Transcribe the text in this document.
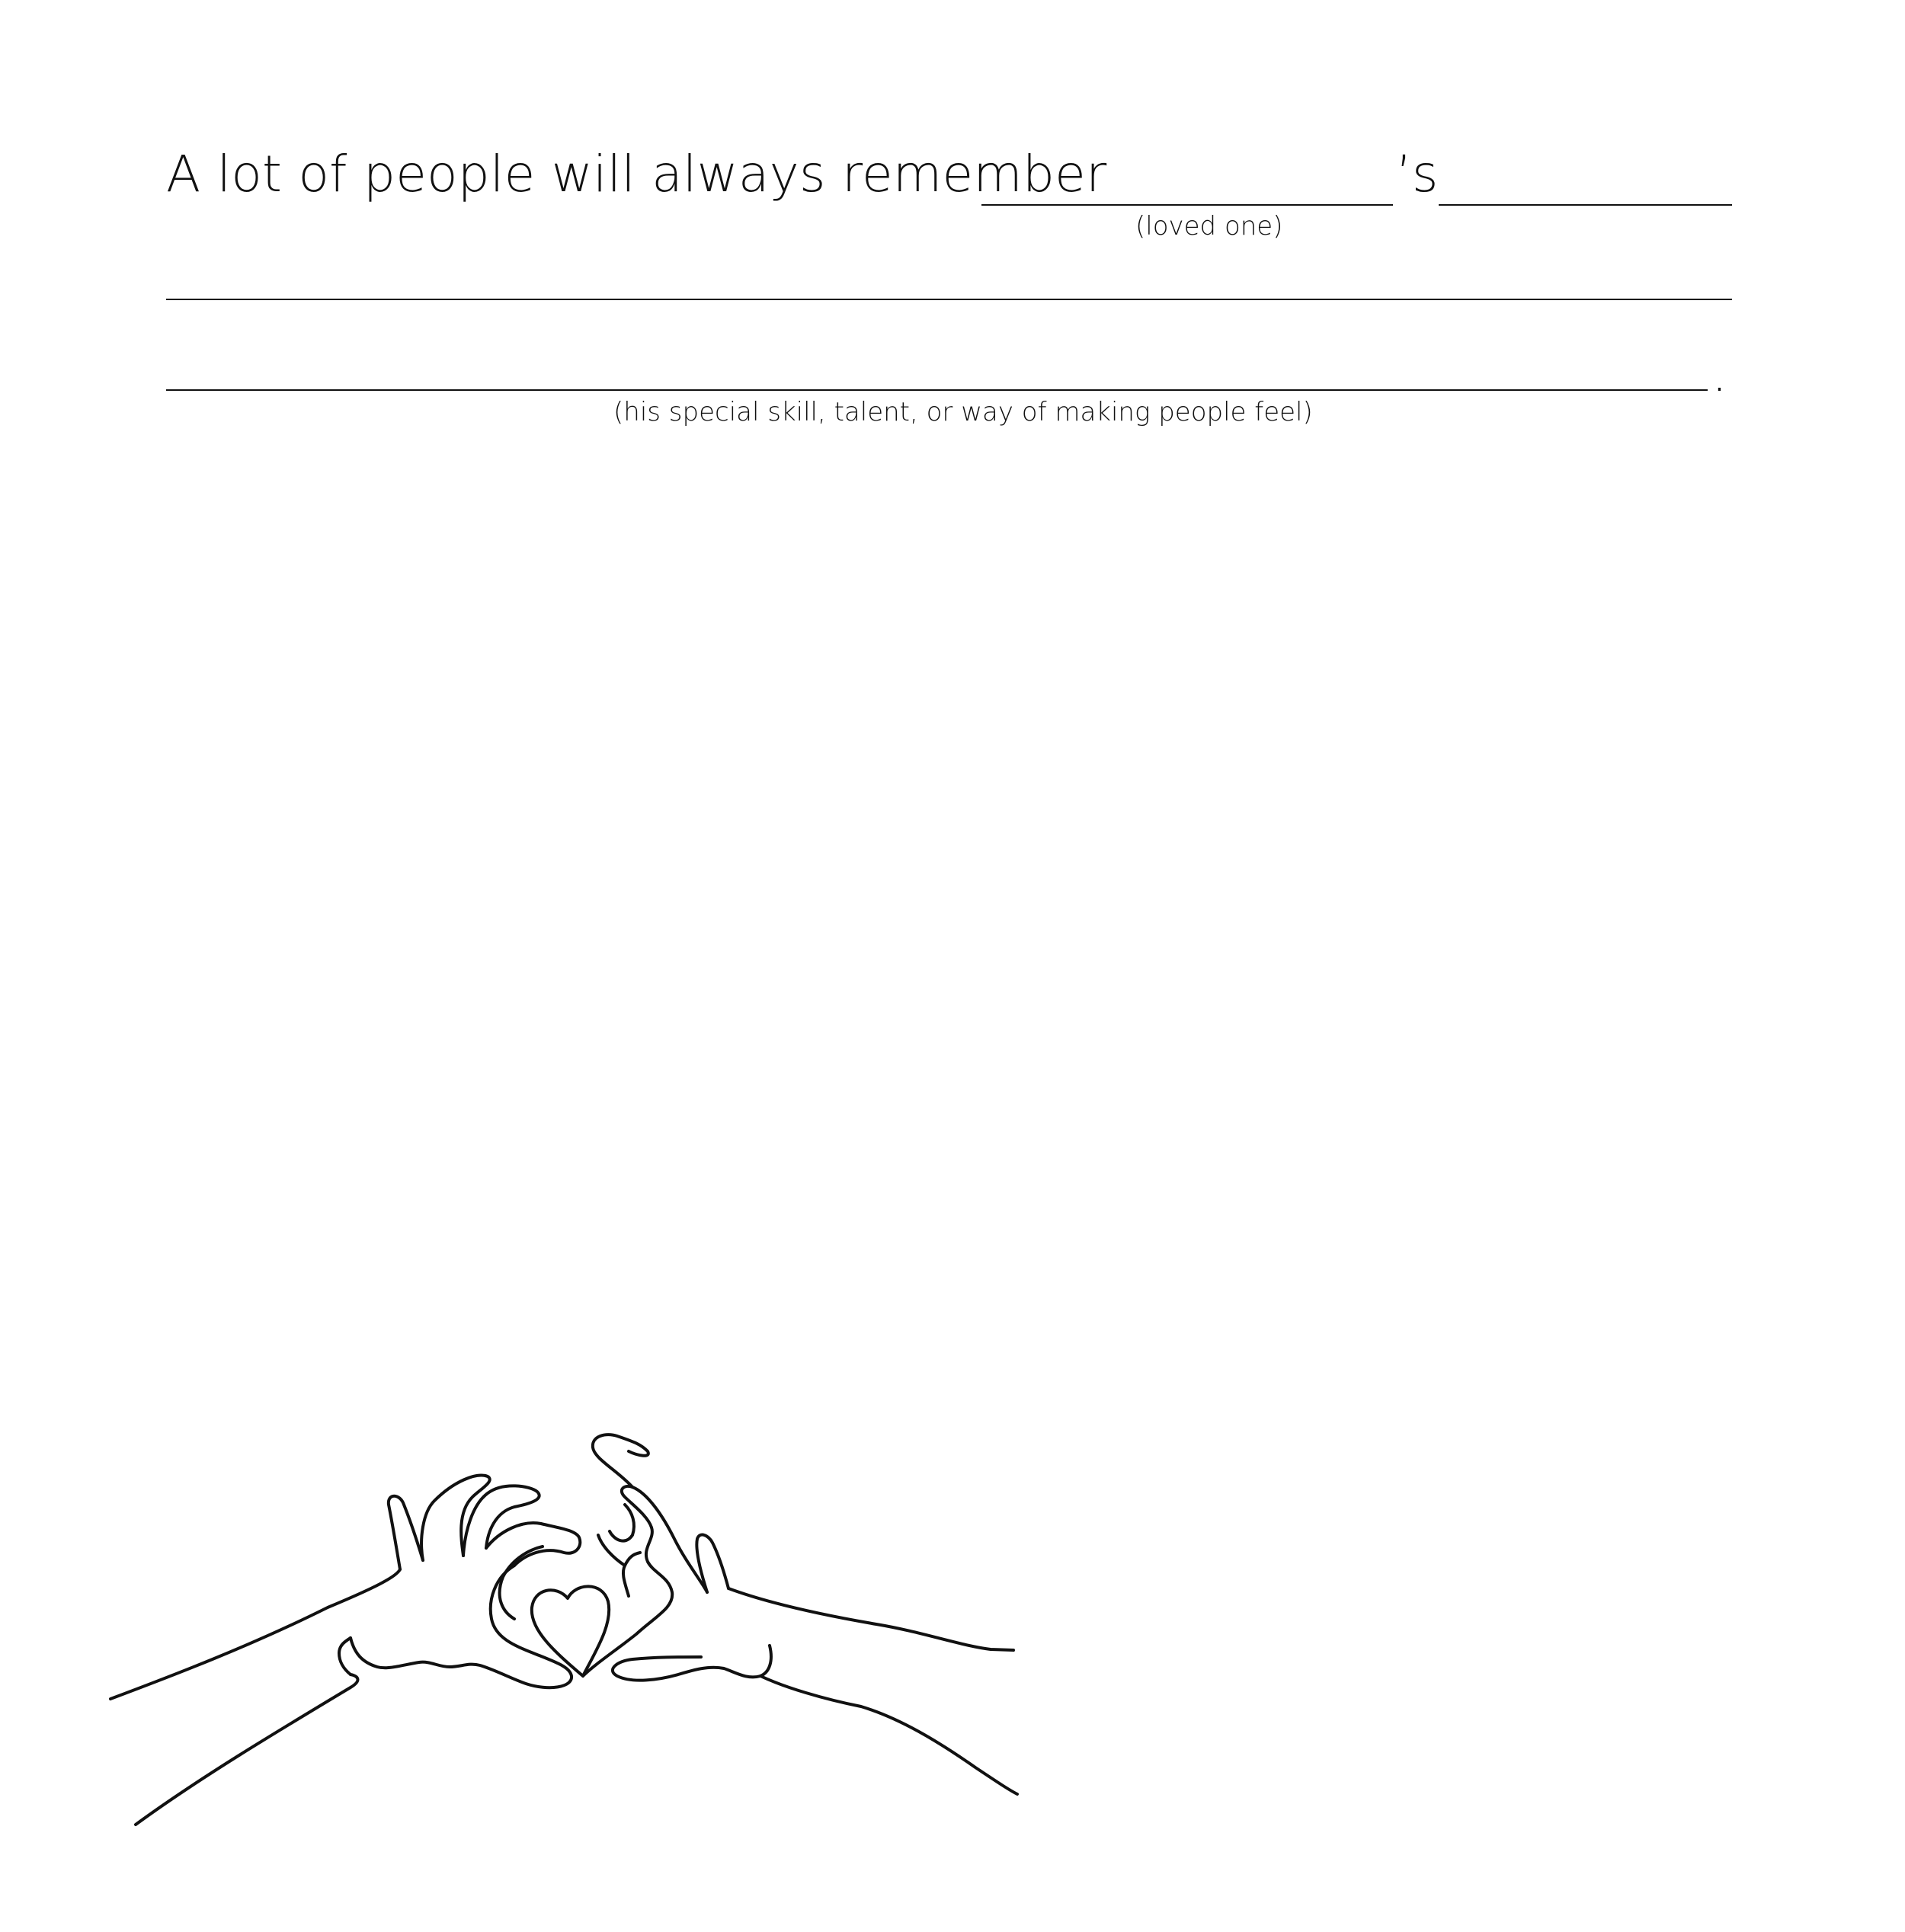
A lot of people will always remember	’s
(loved one)
.
(his special skill, talent, or way of making people feel)
